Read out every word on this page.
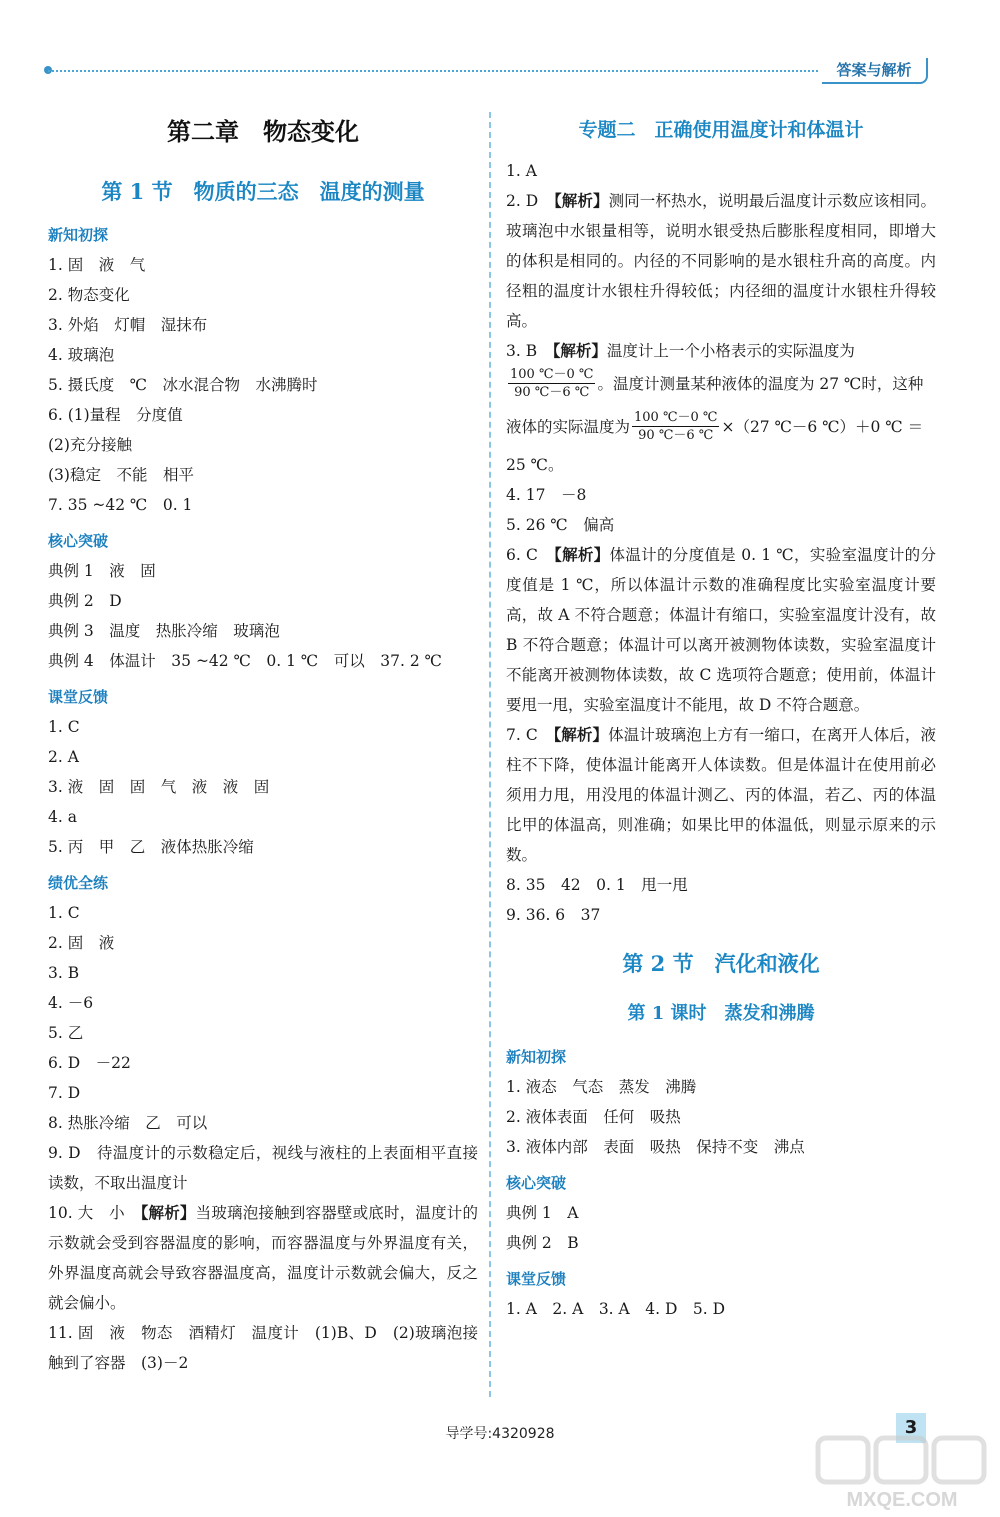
答案与解析
第二章　物态变化
第 1 节　物质的三态　温度的测量
新知初探
1. 固　液　气
2. 物态变化
3. 外焰　灯帽　湿抹布
4. 玻璃泡
5. 摄氏度　℃　冰水混合物　水沸腾时
6. (1)量程　分度值
(2)充分接触
(3)稳定　不能　相平
7. 35 ~42 ℃　0. 1
核心突破
典例 1　液　固
典例 2　D
典例 3　温度　热胀冷缩　玻璃泡
典例 4　体温计　35 ~42 ℃　0. 1 ℃　可以　37. 2 ℃
课堂反馈
1. C
2. A
3. 液　固　固　气　液　液　固
4. a
5. 丙　甲　乙　液体热胀冷缩
绩优全练
1. C
2. 固　液
3. B
4. －6
5. 乙
6. D　－22
7. D
8. 热胀冷缩　乙　可以
9. D　待温度计的示数稳定后，视线与液柱的上表面相平直接读数，不取出温度计
10. 大　小　【解析】当玻璃泡接触到容器壁或底时，温度计的示数就会受到容器温度的影响，而容器温度与外界温度有关，外界温度高就会导致容器温度高，温度计示数就会偏大，反之就会偏小。
11. 固　液　物态　酒精灯　温度计　(1)B、D　(2)玻璃泡接触到了容器　(3)－2
专题二　正确使用温度计和体温计
1. A
2. D　【解析】测同一杯热水，说明最后温度计示数应该相同。玻璃泡中水银量相等，说明水银受热后膨胀程度相同，即增大的体积是相同的。内径的不同影响的是水银柱升高的高度。内径粗的温度计水银柱升得较低；内径细的温度计水银柱升得较高。
3. B　【解析】温度计上一个小格表示的实际温度为
$\frac{100 ℃-0 ℃}{90 ℃-6 ℃}$ 。温度计测量某种液体的温度为 27 ℃时，这种
液体的实际温度为 $\frac{100 ℃-0 ℃}{90 ℃-6 ℃} \times(27$ ℃－6 ℃）＋0 ℃ ＝
25 ℃。
4. 17　－8
5. 26 ℃　偏高
6. C　【解析】体温计的分度值是 0. 1 ℃，实验室温度计的分度值是 1 ℃，所以体温计示数的准确程度比实验室温度计要高，故 A 不符合题意；体温计有缩口，实验室温度计没有，故 B 不符合题意；体温计可以离开被测物体读数，实验室温度计不能离开被测物体读数，故 C 选项符合题意；使用前，体温计要甩一甩，实验室温度计不能甩，故 D 不符合题意。
7. C　【解析】体温计玻璃泡上方有一缩口，在离开人体后，液柱不下降，使体温计能离开人体读数。但是体温计在使用前必须用力甩，用没甩的体温计测乙、丙的体温，若乙、丙的体温比甲的体温高，则准确；如果比甲的体温低，则显示原来的示数。
8. 35　42　0. 1　甩一甩
9. 36. 6　37
第 2 节　汽化和液化
第 1 课时　蒸发和沸腾
新知初探
1. 液态　气态　蒸发　沸腾
2. 液体表面　任何　吸热
3. 液体内部　表面　吸热　保持不变　沸点
核心突破
典例 1　A
典例 2　B
课堂反馈
1. A　2. A　3. A　4. D　5. D
导学号:4320928	3
MXQE.COM
